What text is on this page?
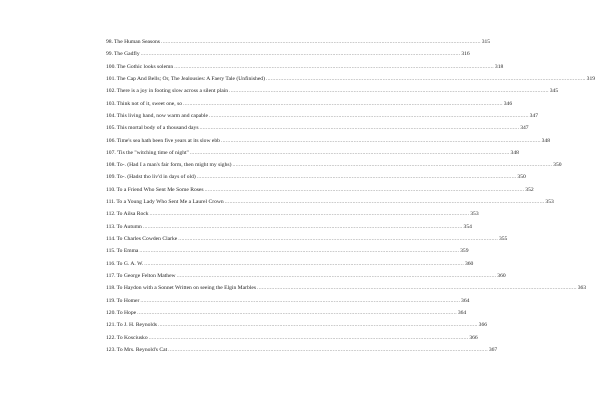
98. The Human Seasons ........................................................................................................................................................................................................ 315
99. The Gadfly ........................................................................................................................................................................................................ 316
100. The Gothic looks solemn ........................................................................................................................................................................................................ 318
101. The Cap And Bells; Or, The Jealousies: A Faery Tale (Unfinished) ........................................................................................................................................................................................................ 319
102. There is a joy in footing slow across a silent plain ........................................................................................................................................................................................................ 345
103. Think not of it, sweet one, so ........................................................................................................................................................................................................ 346
104. This living hand, now warm and capable ........................................................................................................................................................................................................ 347
105. This mortal body of a thousand days ........................................................................................................................................................................................................ 347
106. Time's sea hath been five years at its slow ebb ........................................................................................................................................................................................................ 348
107. 'Tis the "witching time of night" ........................................................................................................................................................................................................ 348
108. To-. (Had I a man's fair form, then might my sighs) ........................................................................................................................................................................................................ 350
109. To-. (Hadst tho liv'd in days of old) ........................................................................................................................................................................................................ 350
110. To a Friend Who Sent Me Some Roses ........................................................................................................................................................................................................ 352
111. To a Young Lady Who Sent Me a Laurel Crown ........................................................................................................................................................................................................ 353
112. To Ailsa Rock ........................................................................................................................................................................................................ 353
113. To Autumn ........................................................................................................................................................................................................ 354
114. To Charles Cowden Clarke ........................................................................................................................................................................................................ 355
115. To Emma ........................................................................................................................................................................................................ 359
116. To G. A. W. ........................................................................................................................................................................................................ 360
117. To George Felton Mathew ........................................................................................................................................................................................................ 360
118. To Haydon with a Sonnet Written on seeing the Elgin Marbles ........................................................................................................................................................................................................ 363
119. To Homer ........................................................................................................................................................................................................ 364
120. To Hope ........................................................................................................................................................................................................ 364
121. To J. H. Reynolds ........................................................................................................................................................................................................ 366
122. To Kosciusko ........................................................................................................................................................................................................ 366
123. To Mrs. Reynold's Cat ........................................................................................................................................................................................................ 367
